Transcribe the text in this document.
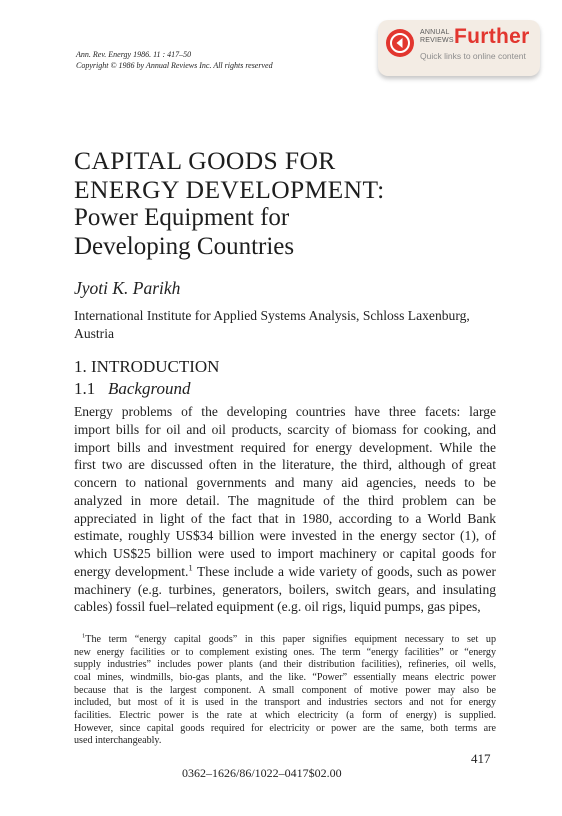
Ann. Rev. Energy 1986. 11 : 417–50
Copyright © 1986 by Annual Reviews Inc. All rights reserved
ANNUAL
REVIEWS Further
Quick links to online content
CAPITAL GOODS FOR
ENERGY DEVELOPMENT:
Power Equipment for
Developing Countries
Jyoti K. Parikh
International Institute for Applied Systems Analysis, Schloss Laxenburg,
Austria
1. INTRODUCTION
1.1 Background
Energy problems of the developing countries have three facets: large
import bills for oil and oil products, scarcity of biomass for cooking, and
import bills and investment required for energy development. While the
first two are discussed often in the literature, the third, although of great
concern to national governments and many aid agencies, needs to be
analyzed in more detail. The magnitude of the third problem can be
appreciated in light of the fact that in 1980, according to a World Bank
estimate, roughly US$34 billion were invested in the energy sector (1), of
which US$25 billion were used to import machinery or capital goods for
energy development.$^1$ These include a wide variety of goods, such as power
machinery (e.g. turbines, generators, boilers, switch gears, and insulating
cables) fossil fuel–related equipment (e.g. oil rigs, liquid pumps, gas pipes,
$^1$The term “energy capital goods” in this paper signifies equipment necessary to set up
new energy facilities or to complement existing ones. The term “energy facilities” or “energy
supply industries” includes power plants (and their distribution facilities), refineries, oil wells,
coal mines, windmills, bio-gas plants, and the like. “Power” essentially means electric power
because that is the largest component. A small component of motive power may also be
included, but most of it is used in the transport and industries sectors and not for energy
facilities. Electric power is the rate at which electricity (a form of energy) is supplied.
However, since capital goods required for electricity or power are the same, both terms are
used interchangeably.
417
0362–1626/86/1022–0417$02.00
